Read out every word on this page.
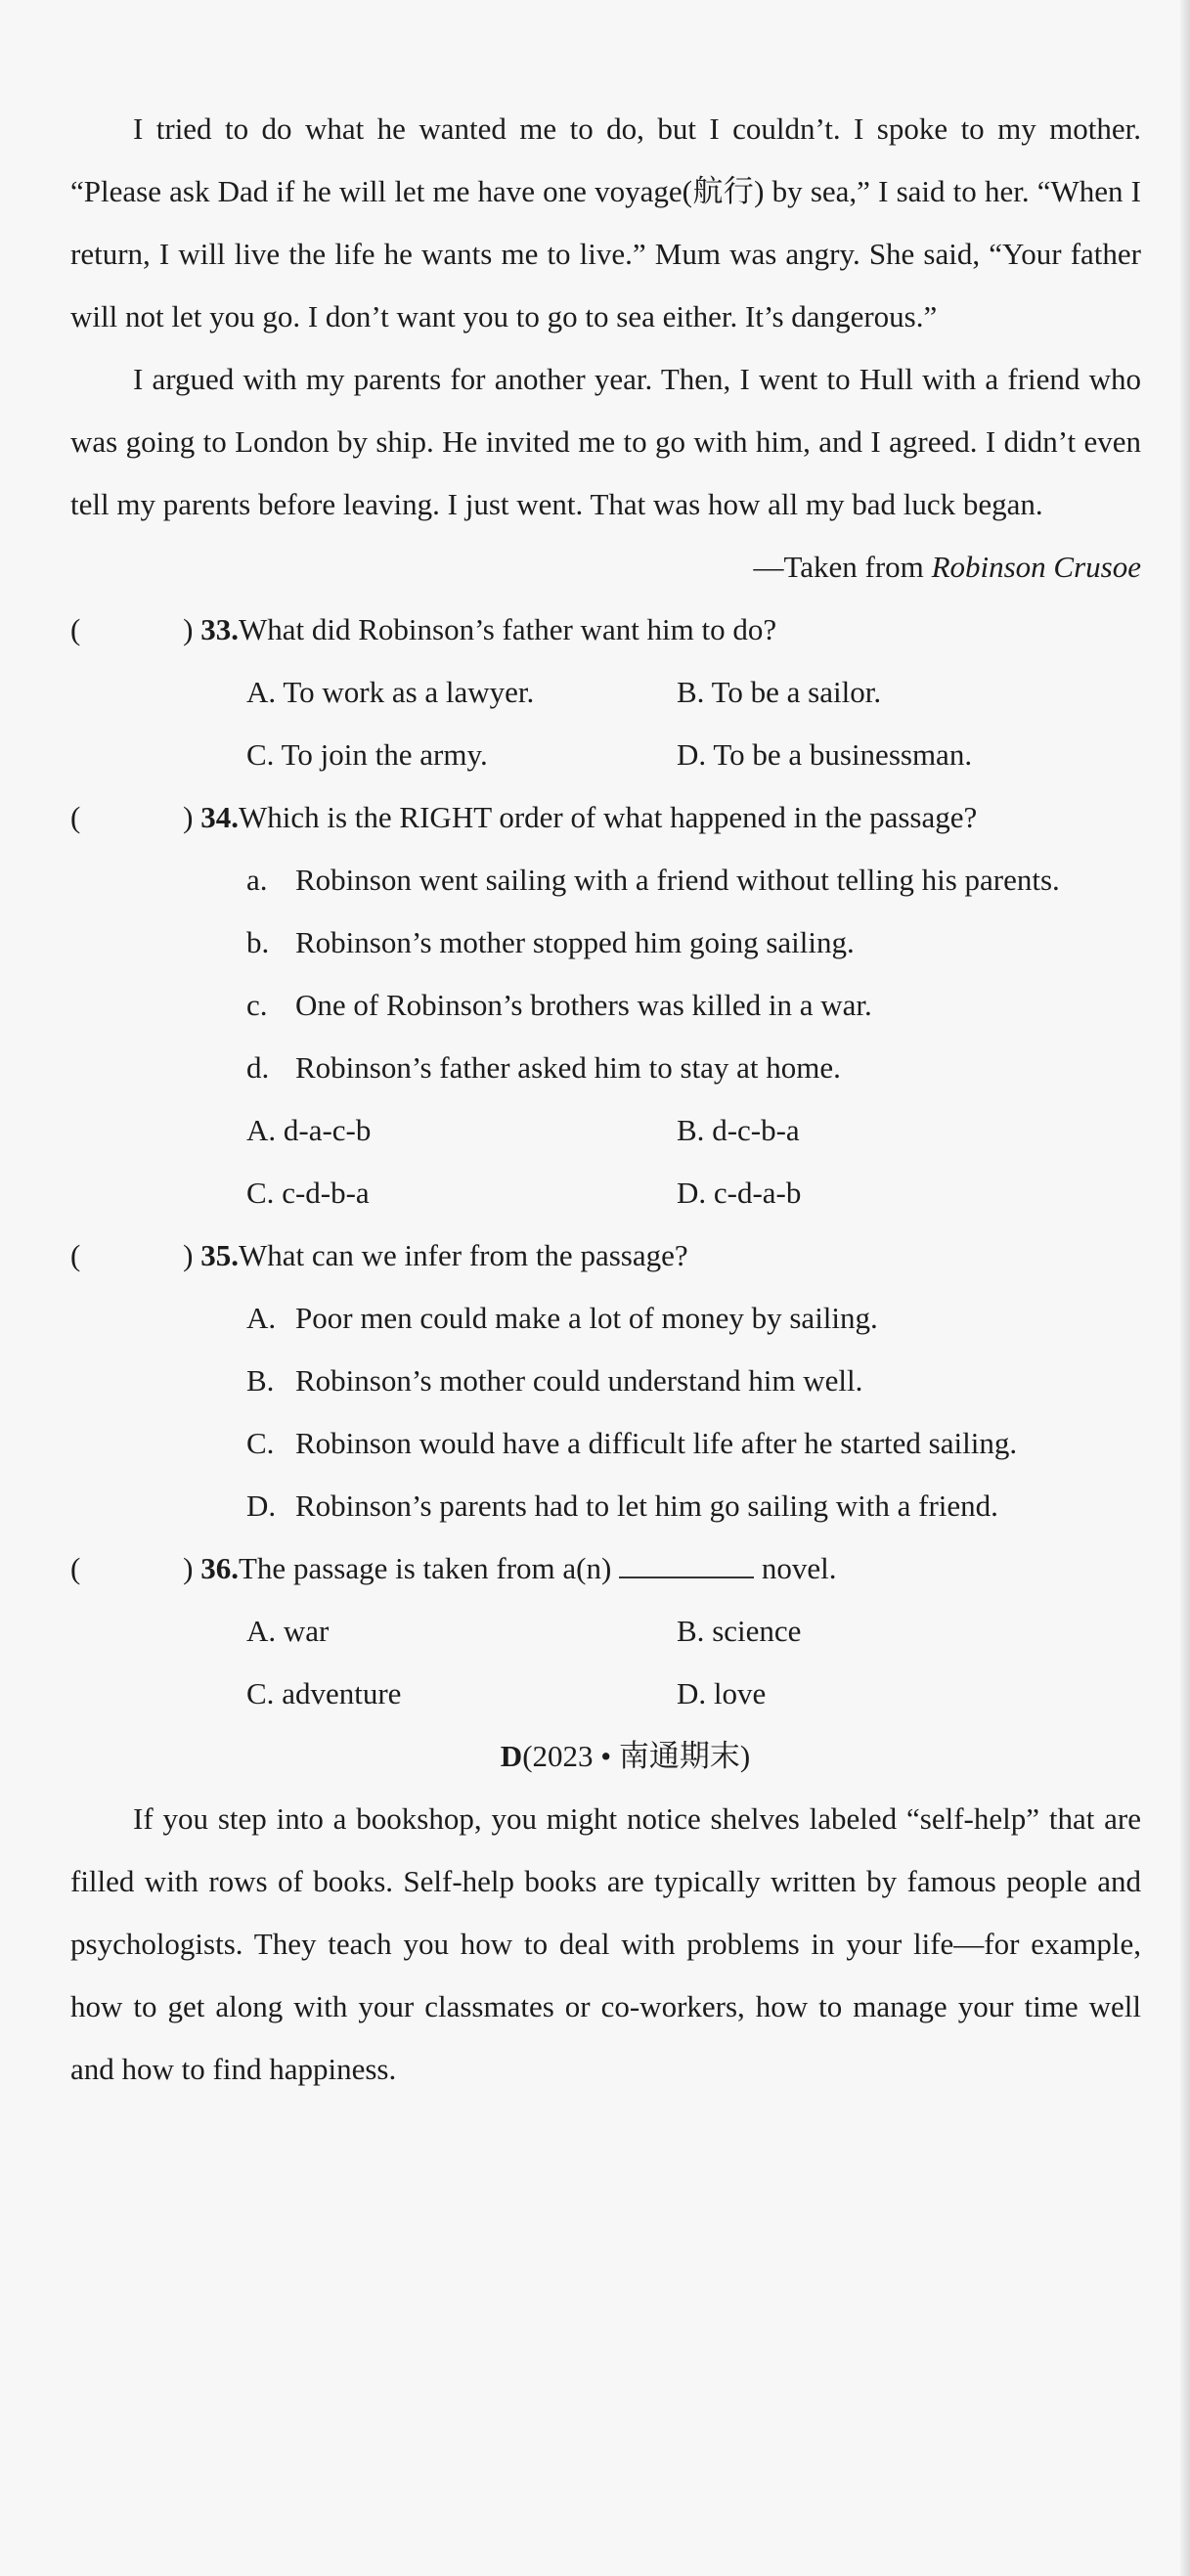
I tried to do what he wanted me to do, but I couldn’t. I spoke to my mother. “Please ask Dad if he will let me have one voyage(航行) by sea,” I said to her. “When I return, I will live the life he wants me to live.” Mum was angry. She said, “Your father will not let you go. I don’t want you to go to sea either. It’s dangerous.”

I argued with my parents for another year. Then, I went to Hull with a friend who was going to London by ship. He invited me to go with him, and I agreed. I didn’t even tell my parents before leaving. I just went. That was how all my bad luck began.

—Taken from Robinson Crusoe

(	) 33. What did Robinson’s father want him to do?
A. To work as a lawyer.	B. To be a sailor.
C. To join the army.	D. To be a businessman.
(	) 34. Which is the RIGHT order of what happened in the passage?
a. Robinson went sailing with a friend without telling his parents.
b. Robinson’s mother stopped him going sailing.
c. One of Robinson’s brothers was killed in a war.
d. Robinson’s father asked him to stay at home.
A. d-a-c-b	B. d-c-b-a
C. c-d-b-a	D. c-d-a-b
(	) 35. What can we infer from the passage?
A. Poor men could make a lot of money by sailing.
B. Robinson’s mother could understand him well.
C. Robinson would have a difficult life after he started sailing.
D. Robinson’s parents had to let him go sailing with a friend.
(	) 36. The passage is taken from a(n)	novel.
A. war	B. science
C. adventure	D. love
D(2023 • 南通期末)

If you step into a bookshop, you might notice shelves labeled “self-help” that are filled with rows of books. Self-help books are typically written by famous people and psychologists. They teach you how to deal with problems in your life—for example, how to get along with your classmates or co-workers, how to manage your time well and how to find happiness.
